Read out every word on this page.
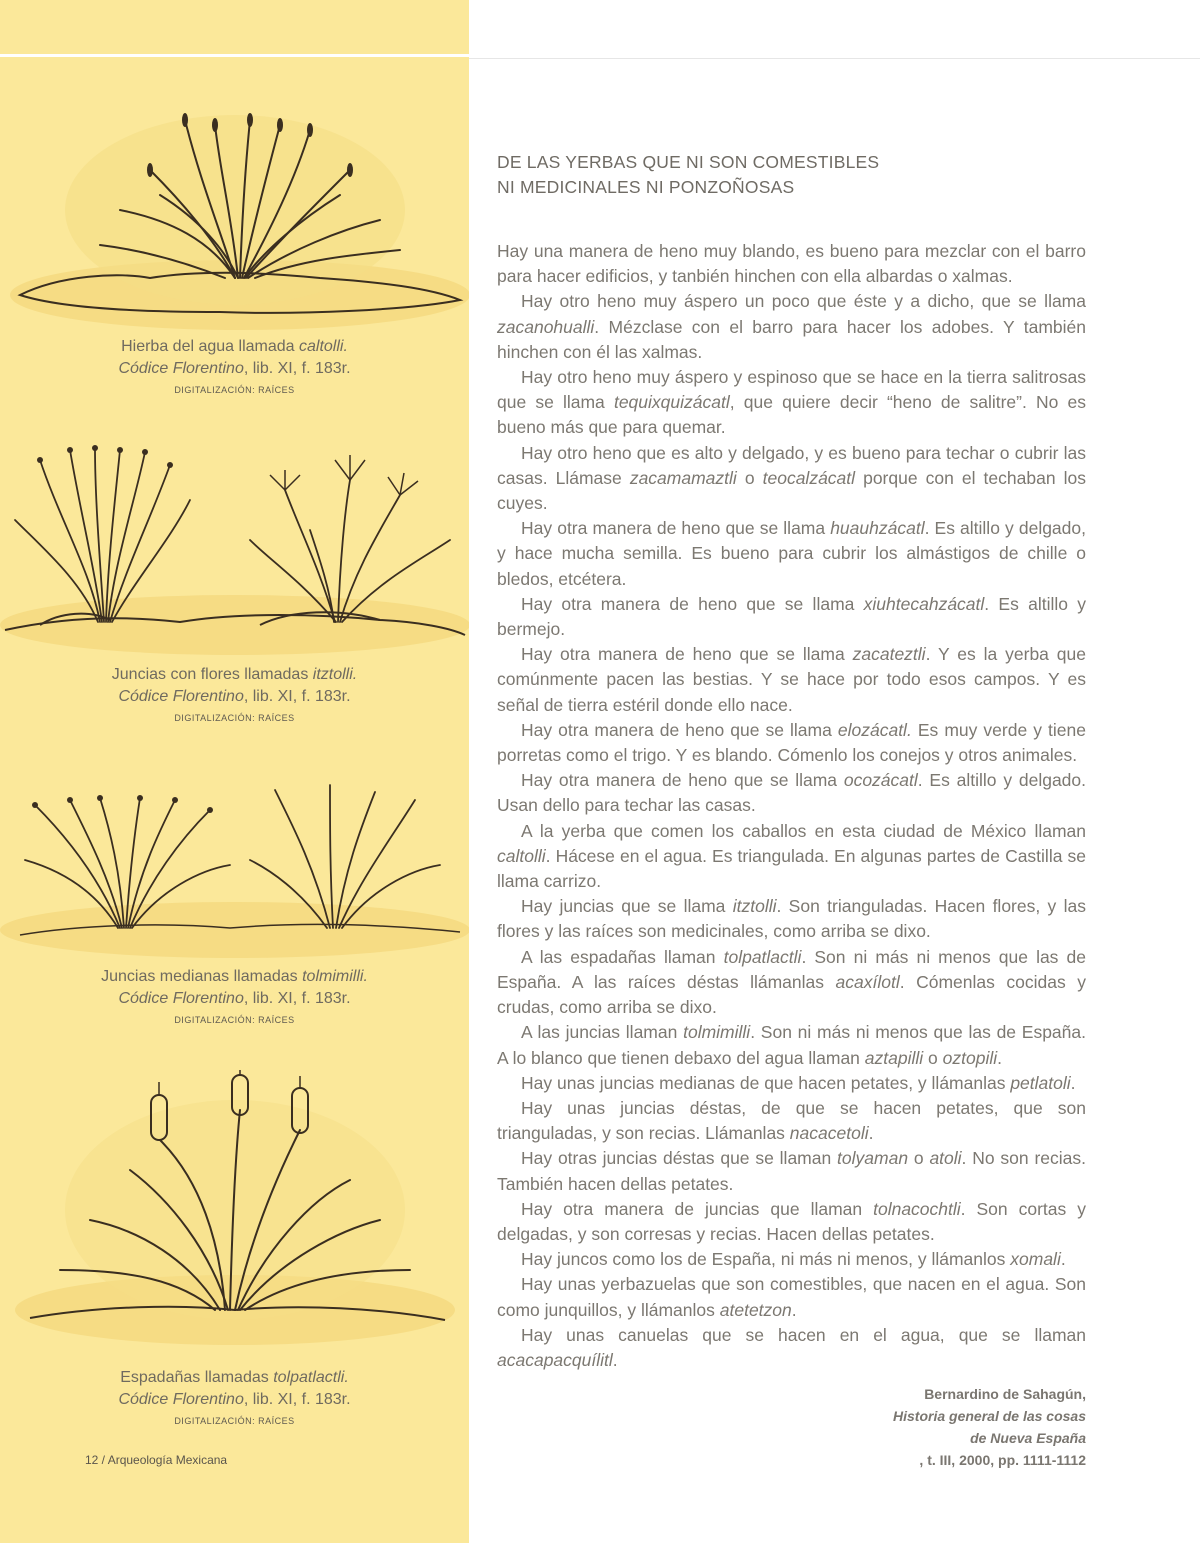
Hierba del agua llamada caltolli.
Códice Florentino, lib. XI, f. 183r.
DIGITALIZACIÓN: RAÍCES
Juncias con flores llamadas itztolli.
Códice Florentino, lib. XI, f. 183r.
DIGITALIZACIÓN: RAÍCES
Juncias medianas llamadas tolmimilli.
Códice Florentino, lib. XI, f. 183r.
DIGITALIZACIÓN: RAÍCES
Espadañas llamadas tolpatlactli.
Códice Florentino, lib. XI, f. 183r.
DIGITALIZACIÓN: RAÍCES
12 / Arqueología Mexicana
DE LAS YERBAS QUE NI SON COMESTIBLES
NI MEDICINALES NI PONZOÑOSAS

Hay una manera de heno muy blando, es bueno para mezclar con el barro para hacer edificios, y tanbién hinchen con ella albardas o xalmas.

Hay otro heno muy áspero un poco que éste y a dicho, que se llama zacanohualli. Mézclase con el barro para hacer los adobes. Y también hinchen con él las xalmas.

Hay otro heno muy áspero y espinoso que se hace en la tierra salitrosas que se llama tequixquizácatl, que quiere decir “heno de salitre”. No es bueno más que para quemar.

Hay otro heno que es alto y delgado, y es bueno para techar o cubrir las casas. Llámase zacamamaztli o teocalzácatl porque con el techaban los cuyes.

Hay otra manera de heno que se llama huauhzácatl. Es altillo y delgado, y hace mucha semilla. Es bueno para cubrir los almástigos de chille o bledos, etcétera.

Hay otra manera de heno que se llama xiuhtecahzácatl. Es altillo y bermejo.

Hay otra manera de heno que se llama zacateztli. Y es la yerba que comúnmente pacen las bestias. Y se hace por todo esos campos. Y es señal de tierra estéril donde ello nace.

Hay otra manera de heno que se llama elozácatl. Es muy verde y tiene porretas como el trigo. Y es blando. Cómenlo los conejos y otros animales.

Hay otra manera de heno que se llama ocozácatl. Es altillo y delgado. Usan dello para techar las casas.

A la yerba que comen los caballos en esta ciudad de México llaman caltolli. Hácese en el agua. Es triangulada. En algunas partes de Castilla se llama carrizo.

Hay juncias que se llama itztolli. Son trianguladas. Hacen flores, y las flores y las raíces son medicinales, como arriba se dixo.

A las espadañas llaman tolpatlactli. Son ni más ni menos que las de España. A las raíces déstas llámanlas acaxílotl. Cómenlas cocidas y crudas, como arriba se dixo.

A las juncias llaman tolmimilli. Son ni más ni menos que las de España. A lo blanco que tienen debaxo del agua llaman aztapilli o oztopili.

Hay unas juncias medianas de que hacen petates, y llámanlas petlatoli.

Hay unas juncias déstas, de que se hacen petates, que son trianguladas, y son recias. Llámanlas nacacetoli.

Hay otras juncias déstas que se llaman tolyaman o atoli. No son recias. También hacen dellas petates.

Hay otra manera de juncias que llaman tolnacochtli. Son cortas y delgadas, y son corresas y recias. Hacen dellas petates.

Hay juncos como los de España, ni más ni menos, y llámanlos xomali.

Hay unas yerbazuelas que son comestibles, que nacen en el agua. Son como junquillos, y llámanlos atetetzon.

Hay unas canuelas que se hacen en el agua, que se llaman acacapacquílitl.

Bernardino de Sahagún,
Historia general de las cosas
de Nueva España
, t. III, 2000, pp. 1111-1112
